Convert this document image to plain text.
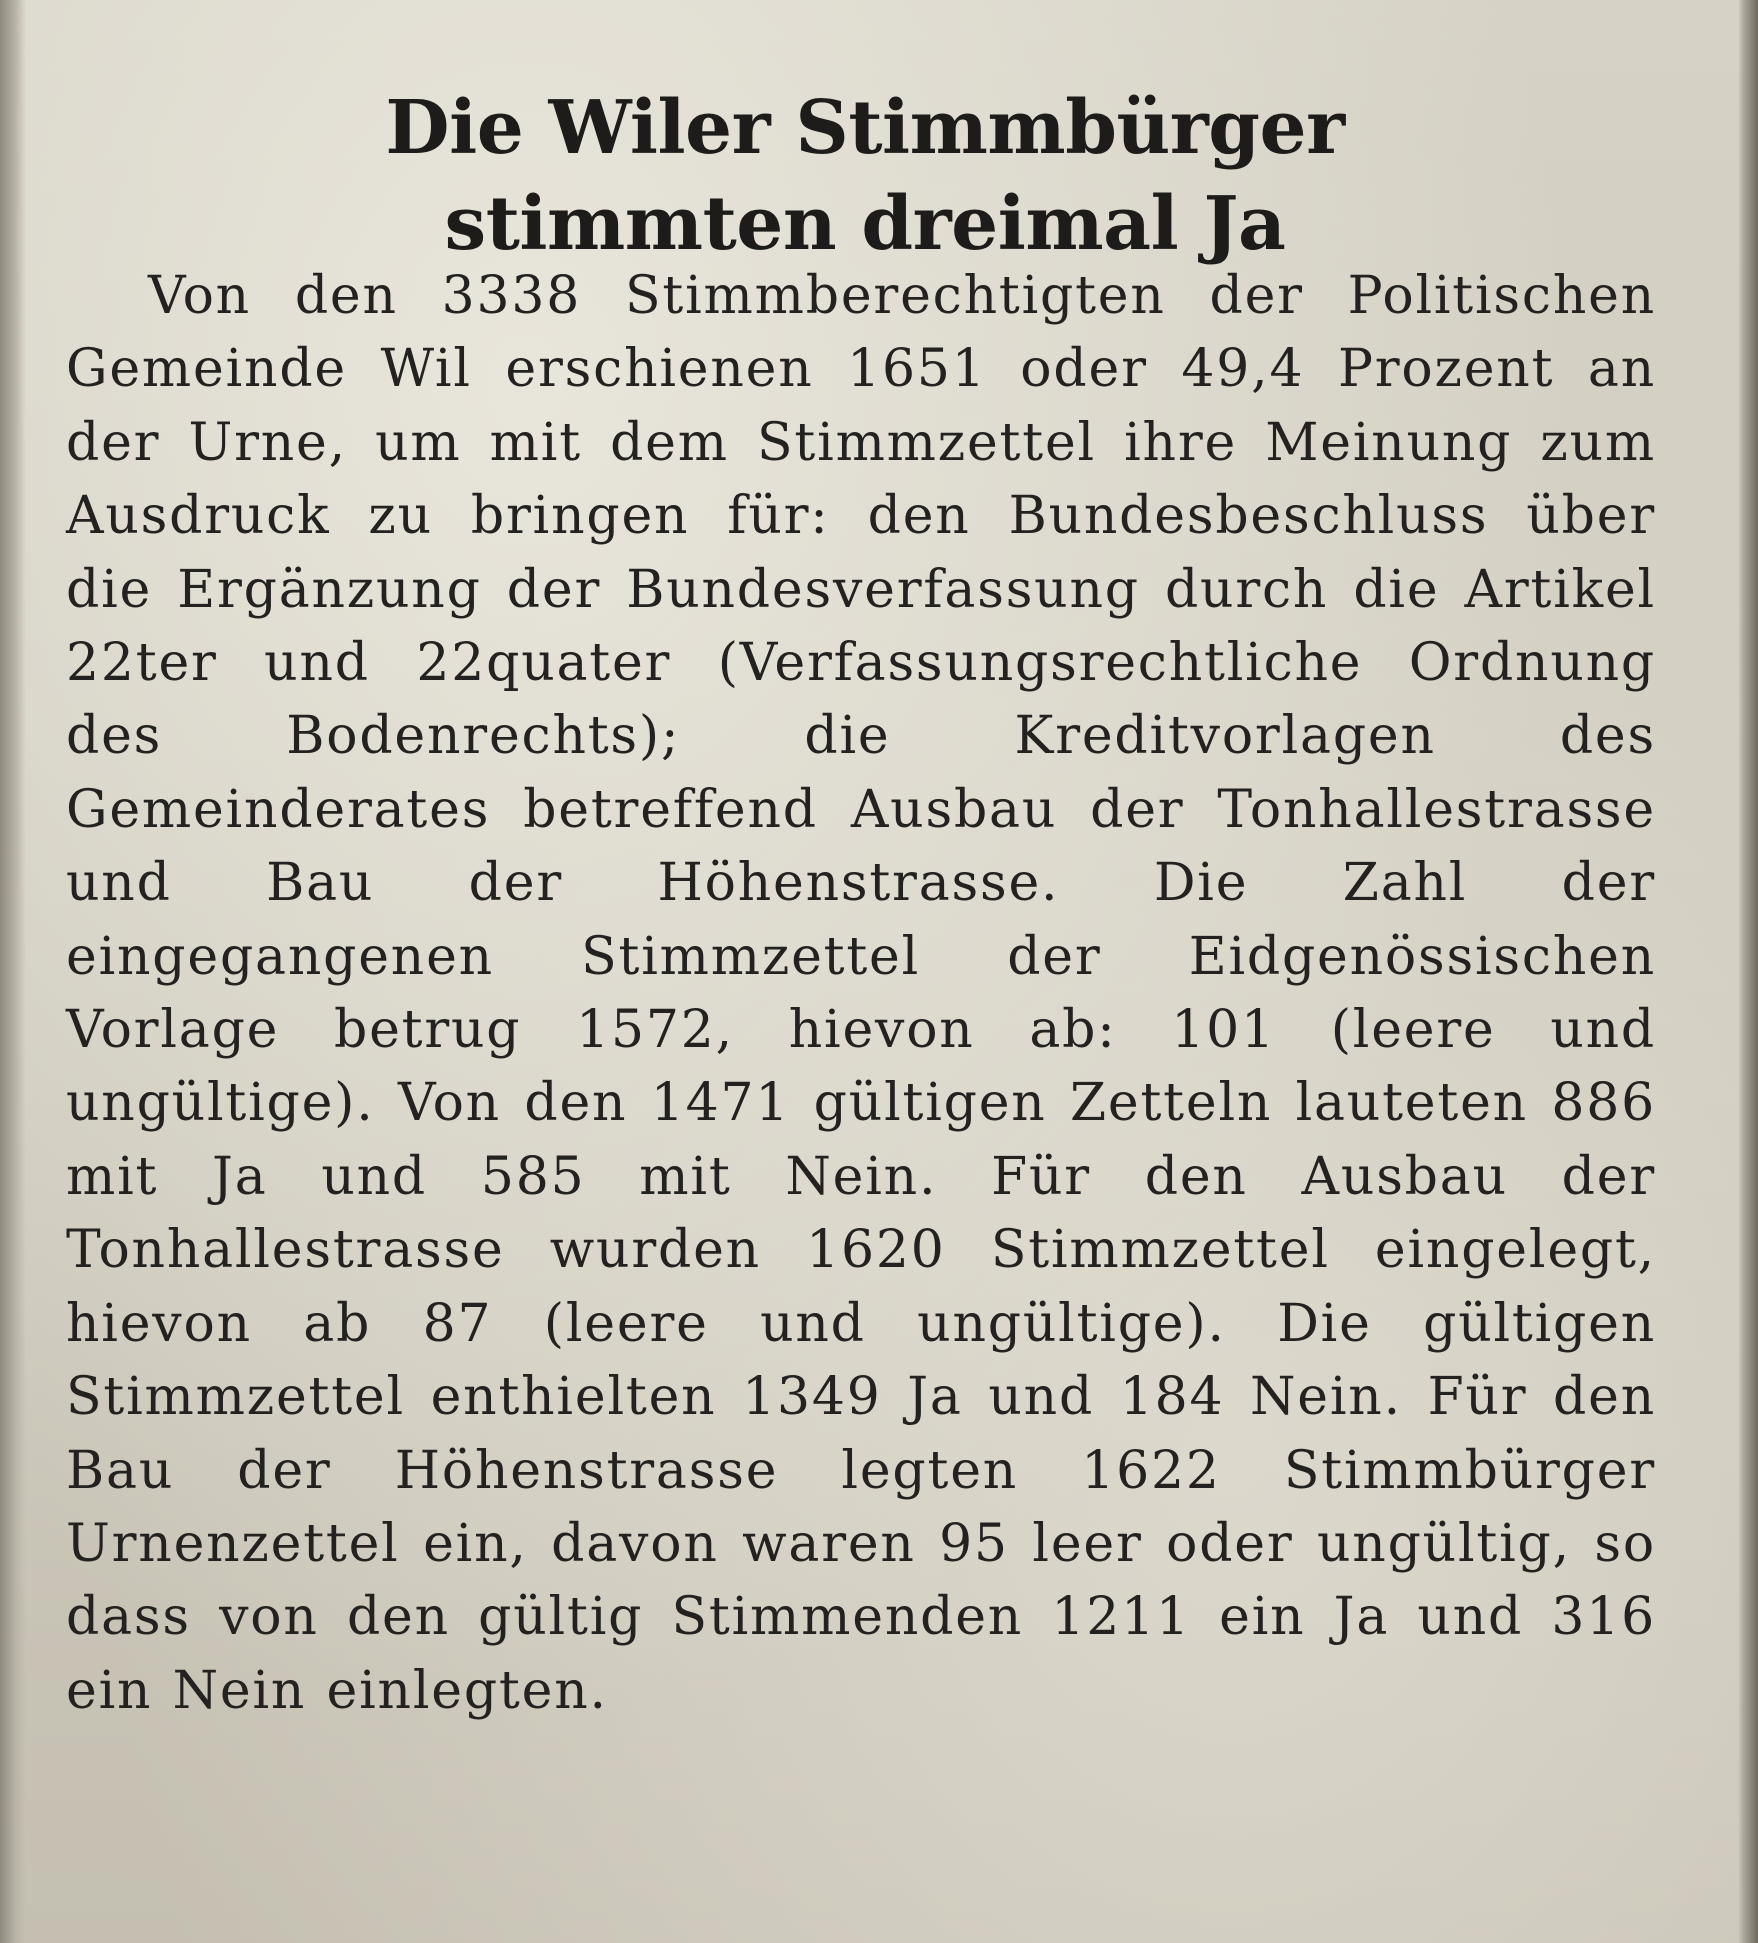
Die Wiler Stimmbürger
stimmten dreimal Ja

Von den 3338 Stimmberechtigten der Politischen Gemeinde Wil erschienen 1651 oder 49,4 Prozent an der Urne, um mit dem Stimmzettel ihre Meinung zum Ausdruck zu bringen für: den Bundesbeschluss über die Ergänzung der Bundesverfassung durch die Artikel 22ter und 22quater (Verfassungsrechtliche Ordnung des Bodenrechts); die Kreditvorlagen des Gemeinderates betreffend Ausbau der Tonhallestrasse und Bau der Höhenstrasse. Die Zahl der eingegangenen Stimmzettel der Eidgenössischen Vorlage betrug 1572, hievon ab: 101 (leere und ungültige). Von den 1471 gültigen Zetteln lauteten 886 mit Ja und 585 mit Nein. Für den Ausbau der Tonhallestrasse wurden 1620 Stimmzettel eingelegt, hievon ab 87 (leere und ungültige). Die gültigen Stimmzettel enthielten 1349 Ja und 184 Nein. Für den Bau der Höhenstrasse legten 1622 Stimmbürger Urnenzettel ein, davon waren 95 leer oder ungültig, so dass von den gültig Stimmenden 1211 ein Ja und 316 ein Nein einlegten.
